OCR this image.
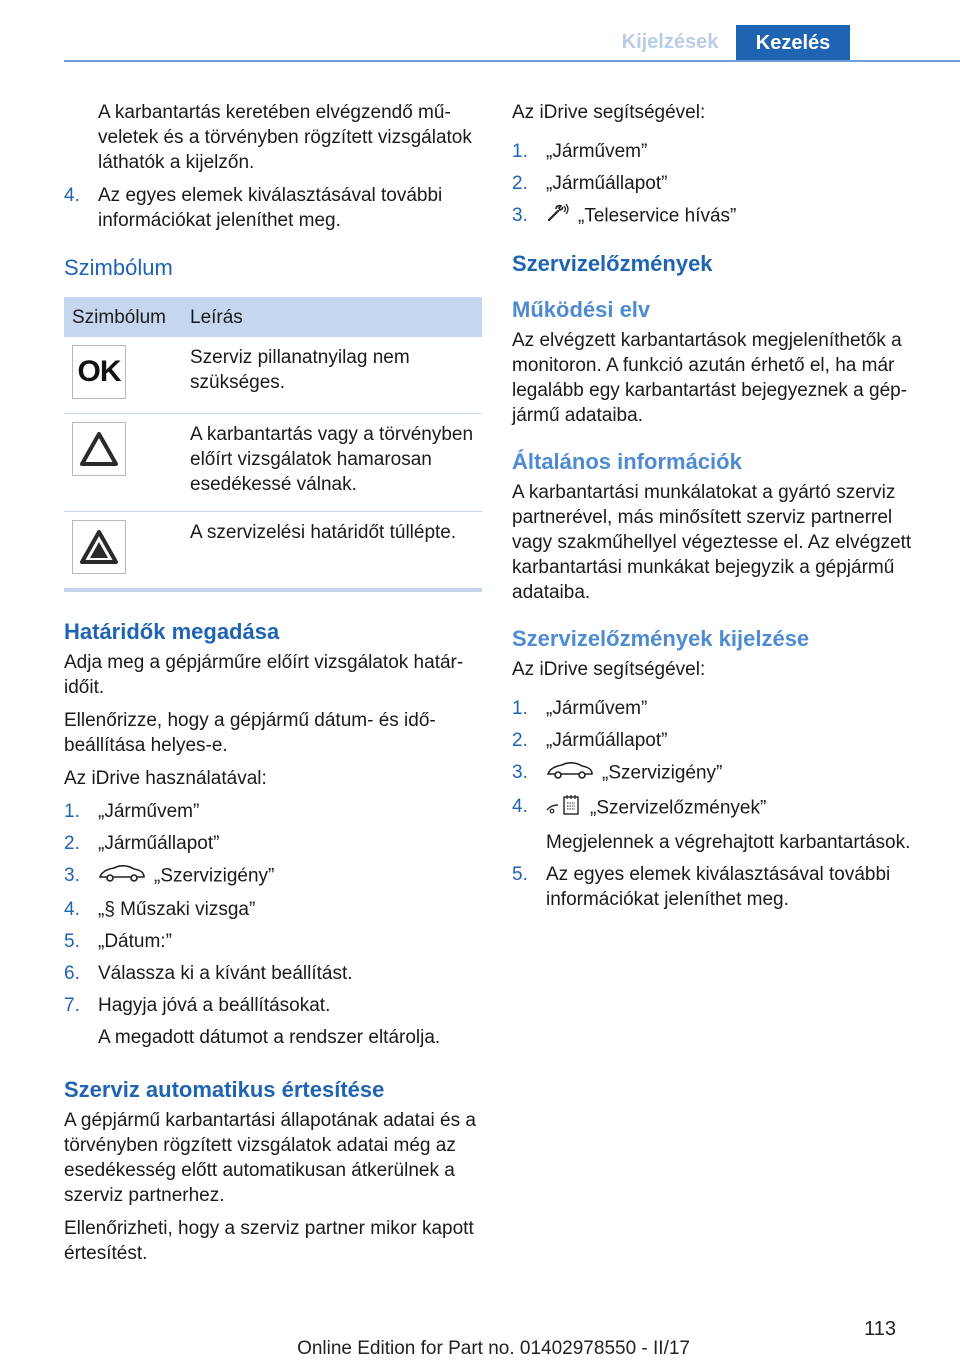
Kijelzések	Kezelés

A karbantartás keretében elvégzendő műveletek és a törvényben rögzített vizsgálatok láthatók a kijelzőn.

4. Az egyes elemek kiválasztásával további információkat jeleníthet meg.
Szimbólum
Szimbólum	Leírás

OK	Szerviz pillanatnyilag nem szükséges.

	A karbantartás vagy a törvényben előírt vizsgálatok hamarosan esedékessé válnak.

	A szervizelési határidőt túllépte.
Határidők megadása

Adja meg a gépjárműre előírt vizsgálatok határidőit.

Ellenőrizze, hogy a gépjármű dátum- és időbeállítása helyes-e.

Az iDrive használatával:

1. „Járművem”
2. „Járműállapot”
3.	„Szervizigény”
4. „§ Műszaki vizsga”
5. „Dátum:”
6. Válassza ki a kívánt beállítást.
7. Hagyja jóvá a beállításokat.
A megadott dátumot a rendszer eltárolja.
Szerviz automatikus értesítése

A gépjármű karbantartási állapotának adatai és a törvényben rögzített vizsgálatok adatai még az esedékesség előtt automatikusan átkerülnek a szerviz partnerhez.

Ellenőrizheti, hogy a szerviz partner mikor kapott értesítést.

Az iDrive segítségével:

1. „Járművem”
2. „Járműállapot”
3.	„Teleservice hívás”
Szervizelőzmények
Működési elv

Az elvégzett karbantartások megjeleníthetők a monitoron. A funkció azután érhető el, ha már legalább egy karbantartást bejegyeznek a gépjármű adataiba.

Általános információk

A karbantartási munkálatokat a gyártó szerviz partnerével, más minősített szerviz partnerrel vagy szakműhellyel végeztesse el. Az elvégzett karbantartási munkákat bejegyzik a gépjármű adataiba.

Szervizelőzmények kijelzése

Az iDrive segítségével:

1. „Járművem”
2. „Járműállapot”
3.	„Szervizigény”
4.	„Szervizelőzmények”
Megjelennek a végrehajtott karbantartások.
5. Az egyes elemek kiválasztásával további információkat jeleníthet meg.
113
Online Edition for Part no. 01402978550 - II/17
